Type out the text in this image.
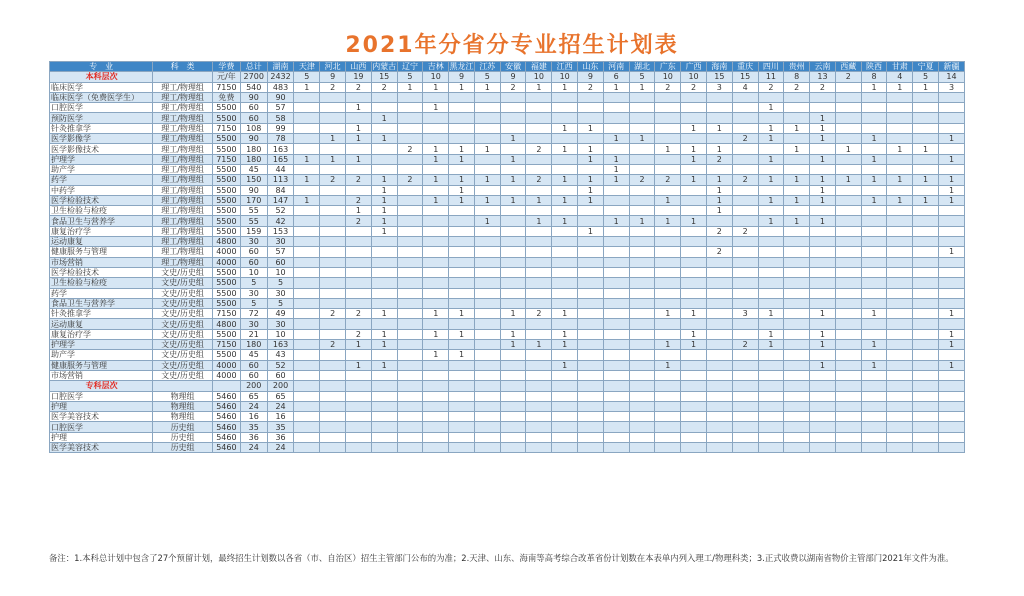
2021年分省分专业招生计划表
专　业	科　类	学费	总计	湖南	天津	河北	山西	内蒙古	辽宁	吉林	黑龙江	江苏	安徽	福建	江西	山东	河南	湖北	广东	广西	海南	重庆	四川	贵州	云南	西藏	陕西	甘肃	宁夏	新疆
本科层次		元/年	2700	2432	5	9	19	15	5	10	9	5	9	10	10	9	6	5	10	10	15	15	11	8	13	2	8	4	5	14
临床医学	理工/物理组	7150	540	483	1	2	2	2	1	1	1	1	2	1	1	2	1	1	2	2	3	4	2	2	2		1	1	1	3
临床医学（免费医学生）	理工/物理组	免费	90	90																										
口腔医学	理工/物理组	5500	60	57			1			1													1							
预防医学	理工/物理组	5500	60	58				1																	1					
针灸推拿学	理工/物理组	7150	108	99			1								1	1				1	1		1	1	1					
医学影像学	理工/物理组	5500	90	78		1	1	1					1				1	1				2	1		1		1			1
医学影像技术	理工/物理组	5500	180	163					2	1	1	1		2	1	1			1	1	1			1		1		1	1	
护理学	理工/物理组	7150	180	165	1	1	1			1	1		1			1	1			1	2		1		1		1			1
助产学	理工/物理组	5500	45	44													1													
药学	理工/物理组	5500	150	113	1	2	2	1	2	1	1	1	1	2	1	1	1	2	2	1	1	2	1	1	1	1	1	1	1	1
中药学	理工/物理组	5500	90	84				1			1					1					1				1					1
医学检验技术	理工/物理组	5500	170	147	1		2	1		1	1	1	1	1	1	1			1		1		1	1	1		1	1	1	1
卫生检验与检疫	理工/物理组	5500	55	52			1	1													1									
食品卫生与营养学	理工/物理组	5500	55	42			2	1				1		1	1		1	1	1	1			1	1	1					
康复治疗学	理工/物理组	5500	159	153				1								1					2	2								
运动康复	理工/物理组	4800	30	30																										
健康服务与管理	理工/物理组	4000	60	57																	2									1
市场营销	理工/物理组	4000	60	60																										
医学检验技术	文史/历史组	5500	10	10																										
卫生检验与检疫	文史/历史组	5500	5	5																										
药学	文史/历史组	5500	30	30																										
食品卫生与营养学	文史/历史组	5500	5	5																										
针灸推拿学	文史/历史组	7150	72	49		2	2	1		1	1		1	2	1				1	1		3	1		1		1			1
运动康复	文史/历史组	4800	30	30																										
康复治疗学	文史/历史组	5500	21	10			2	1		1	1		1		1					1			1		1					1
护理学	文史/历史组	7150	180	163		2	1	1					1	1	1				1	1		2	1		1		1			1
助产学	文史/历史组	5500	45	43						1	1																			
健康服务与管理	文史/历史组	4000	60	52			1	1							1				1						1		1			1
市场营销	文史/历史组	4000	60	60																										
专科层次			200	200																										
口腔医学	物理组	5460	65	65																										
护理	物理组	5460	24	24																										
医学美容技术	物理组	5460	16	16																										
口腔医学	历史组	5460	35	35																										
护理	历史组	5460	36	36																										
医学美容技术	历史组	5460	24	24																										
备注：1.本科总计划中包含了27个预留计划，最终招生计划数以各省（市、自治区）招生主管部门公布的为准；2.天津、山东、海南等高考综合改革省份计划数在本表单内列入理工/物理科类；3.正式收费以湖南省物价主管部门2021年文件为准。
